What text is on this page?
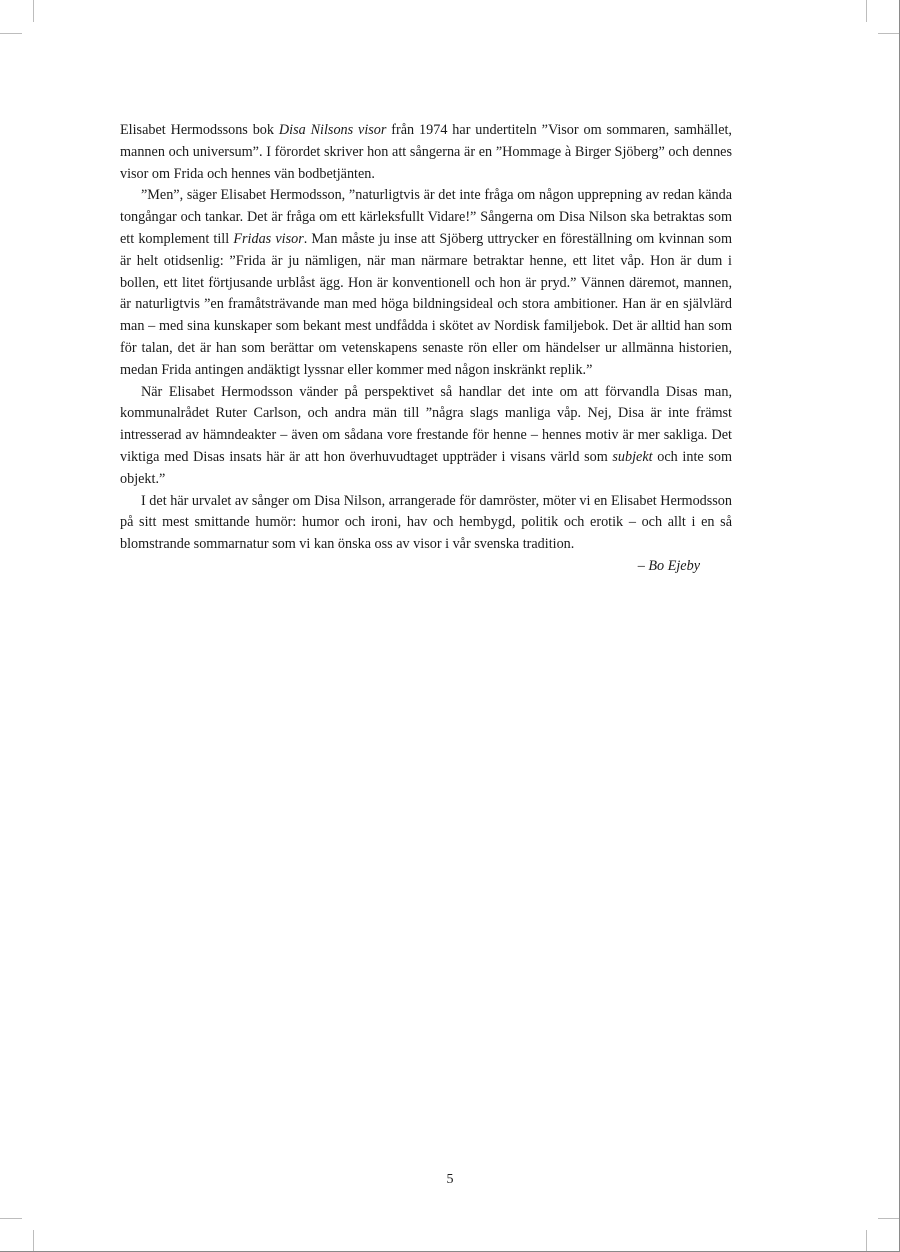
Elisabet Hermodssons bok Disa Nilsons visor från 1974 har undertiteln ”Visor om sommaren, samhället, mannen och universum”. I förordet skriver hon att sångerna är en ”Hommage à Birger Sjöberg” och dennes visor om Frida och hennes vän bodbetjänten.

”Men”, säger Elisabet Hermodsson, ”naturligtvis är det inte fråga om någon upprepning av redan kända tongångar och tankar. Det är fråga om ett kärleksfullt Vidare!” Sångerna om Disa Nilson ska betraktas som ett komplement till Fridas visor. Man måste ju inse att Sjöberg uttrycker en föreställning om kvinnan som är helt otidsenlig: ”Frida är ju nämligen, när man närmare betraktar henne, ett litet våp. Hon är dum i bollen, ett litet förtjusande urblåst ägg. Hon är konventionell och hon är pryd.” Vännen däremot, mannen, är naturligtvis ”en framåtsträvande man med höga bildningsideal och stora ambitioner. Han är en självlärd man – med sina kunskaper som bekant mest undfådda i skötet av Nordisk familjebok. Det är alltid han som för talan, det är han som berättar om vetenskapens senaste rön eller om händelser ur allmänna historien, medan Frida antingen andäktigt lyssnar eller kommer med någon inskränkt replik.”

När Elisabet Hermodsson vänder på perspektivet så handlar det inte om att förvandla Disas man, kommunalrådet Ruter Carlson, och andra män till ”några slags manliga våp. Nej, Disa är inte främst intresserad av hämndeakter – även om sådana vore frestande för henne – hennes motiv är mer sakliga. Det viktiga med Disas insats här är att hon överhuvudtaget uppträder i visans värld som subjekt och inte som objekt.”

I det här urvalet av sånger om Disa Nilson, arrangerade för damröster, möter vi en Elisabet Hermodsson på sitt mest smittande humör: humor och ironi, hav och hembygd, politik och erotik – och allt i en så blomstrande sommarnatur som vi kan önska oss av visor i vår svenska tradition.

– Bo Ejeby
5
